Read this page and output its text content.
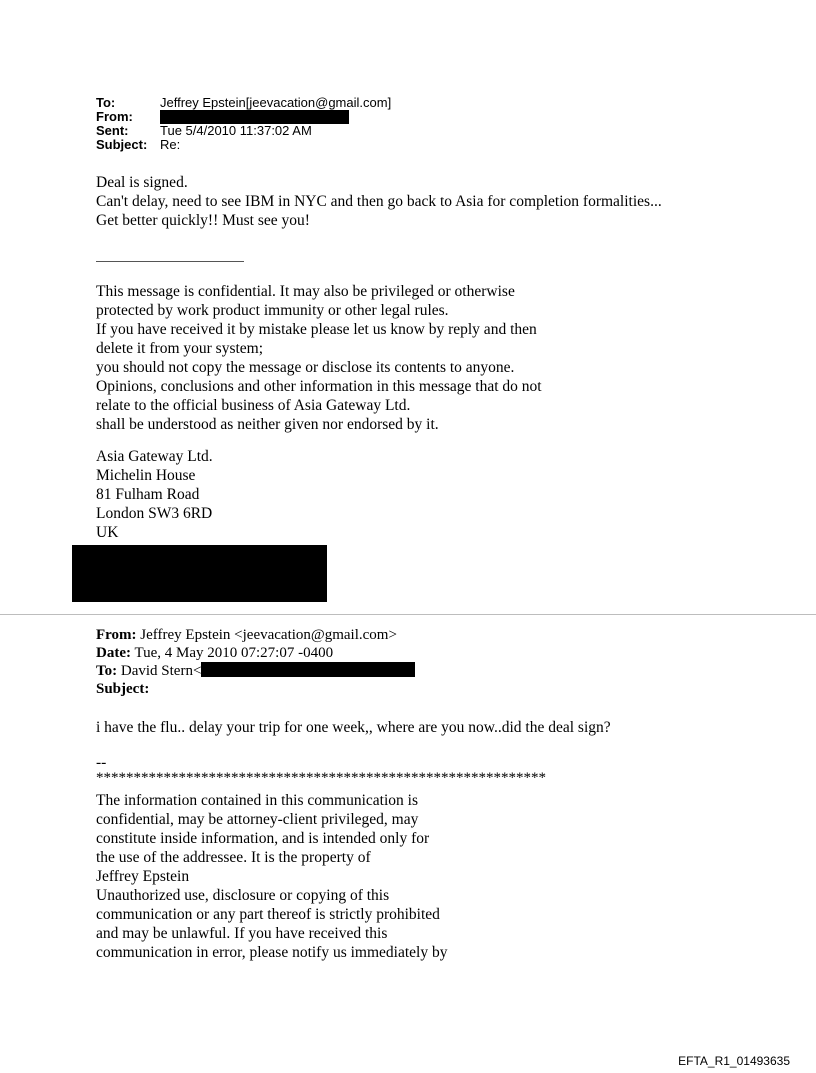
To:	Jeffrey Epstein[jeevacation@gmail.com]
From:
Sent:	Tue 5/4/2010 11:37:02 AM
Subject: Re:
Deal is signed.
Can't delay, need to see IBM in NYC and then go back to Asia for completion formalities...
Get better quickly!! Must see you!
This message is confidential. It may also be privileged or otherwise
protected by work product immunity or other legal rules.
If you have received it by mistake please let us know by reply and then
delete it from your system;
you should not copy the message or disclose its contents to anyone.
Opinions, conclusions and other information in this message that do not
relate to the official business of Asia Gateway Ltd.
shall be understood as neither given nor endorsed by it.
Asia Gateway Ltd.
Michelin House
81 Fulham Road
London SW3 6RD
UK
From: Jeffrey Epstein <jeevacation@gmail.com>
Date: Tue, 4 May 2010 07:27:07 -0400
To: David Stern<
Subject:
i have the flu.. delay your trip for one week,, where are you now..did the deal sign?
--
************************************************************
The information contained in this communication is
confidential, may be attorney-client privileged, may
constitute inside information, and is intended only for
the use of the addressee. It is the property of
Jeffrey Epstein
Unauthorized use, disclosure or copying of this
communication or any part thereof is strictly prohibited
and may be unlawful. If you have received this
communication in error, please notify us immediately by
EFTA_R1_01493635
